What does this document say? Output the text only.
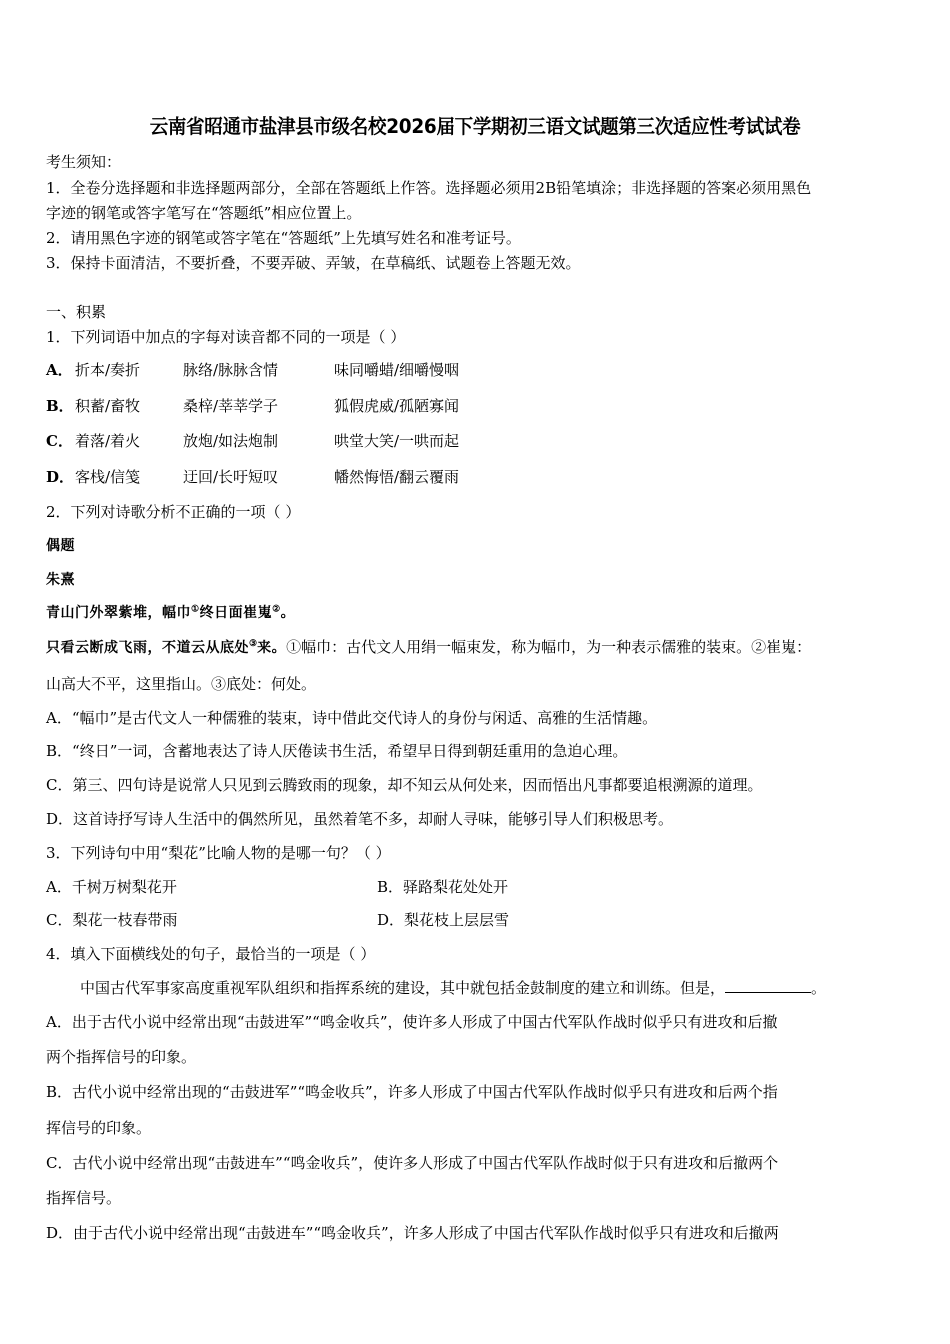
云南省昭通市盐津县市级名校2026届下学期初三语文试题第三次适应性考试试卷
考生须知：
1．全卷分选择题和非选择题两部分，全部在答题纸上作答。选择题必须用2B铅笔填涂；非选择题的答案必须用黑色
字迹的钢笔或答字笔写在“答题纸”相应位置上。
2．请用黑色字迹的钢笔或答字笔在“答题纸”上先填写姓名和准考证号。
3．保持卡面清洁，不要折叠，不要弄破、弄皱，在草稿纸、试题卷上答题无效。
一、积累
1．下列词语中加点的字每对读音都不同的一项是（ ）
A． 折本/奏折	脉络/脉脉含情	味同嚼蜡/细嚼慢咽
B． 积蓄/畜牧	桑梓/莘莘学子	狐假虎威/孤陋寡闻
C． 着落/着火	放炮/如法炮制	哄堂大笑/一哄而起
D． 客栈/信笺	迂回/长吁短叹	幡然悔悟/翻云覆雨
2．下列对诗歌分析不正确的一项（ ）
偶题
朱熹
青山门外翠紫堆，幅巾①终日面崔嵬②。
只看云断成飞雨，不道云从底处③来。①幅巾：古代文人用绢一幅束发，称为幅巾，为一种表示儒雅的装束。②崔嵬：
山高大不平，这里指山。③底处：何处。
A．“幅巾”是古代文人一种儒雅的装束，诗中借此交代诗人的身份与闲适、高雅的生活情趣。
B．“终日”一词，含蓄地表达了诗人厌倦读书生活，希望早日得到朝廷重用的急迫心理。
C．第三、四句诗是说常人只见到云腾致雨的现象，却不知云从何处来，因而悟出凡事都要追根溯源的道理。
D．这首诗抒写诗人生活中的偶然所见，虽然着笔不多，却耐人寻味，能够引导人们积极思考。
3．下列诗句中用“梨花”比喻人物的是哪一句？（ ）
A．千树万树梨花开	B．驿路梨花处处开
C．梨花一枝春带雨	D．梨花枝上层层雪
4．填入下面横线处的句子，最恰当的一项是（ ）
中国古代军事家高度重视军队组织和指挥系统的建设，其中就包括金鼓制度的建立和训练。但是，	。
A．出于古代小说中经常出现“击鼓进军”“鸣金收兵”，使许多人形成了中国古代军队作战时似乎只有进攻和后撤
两个指挥信号的印象。
B．古代小说中经常出现的“击鼓进军”“鸣金收兵”，许多人形成了中国古代军队作战时似乎只有进攻和后两个指
挥信号的印象。
C．古代小说中经常出现“击鼓进车”“鸣金收兵”，使许多人形成了中国古代军队作战时似于只有进攻和后撤两个
指挥信号。
D．由于古代小说中经常出现“击鼓进车”“鸣金收兵”，许多人形成了中国古代军队作战时似乎只有进攻和后撤两
